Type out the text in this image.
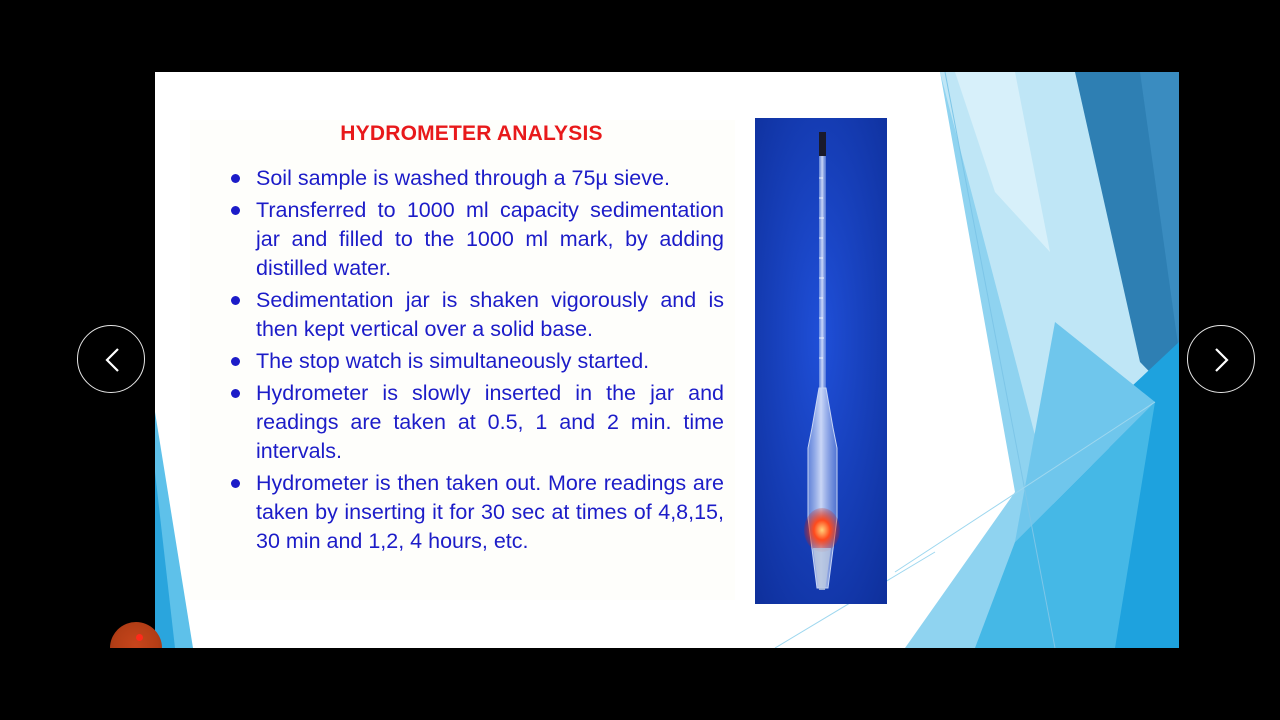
HYDROMETER ANALYSIS
Soil sample is washed through a 75µ sieve.
Transferred to 1000 ml capacity sedimentation jar and filled to the 1000 ml mark, by adding distilled water.
Sedimentation jar is shaken vigorously and is then kept vertical over a solid base.
The stop watch is simultaneously started.
Hydrometer is slowly inserted in the jar and readings are taken at 0.5, 1 and 2 min. time intervals.
Hydrometer is then taken out. More readings are taken by inserting it for 30 sec at times of 4,8,15, 30 min and 1,2, 4 hours, etc.
